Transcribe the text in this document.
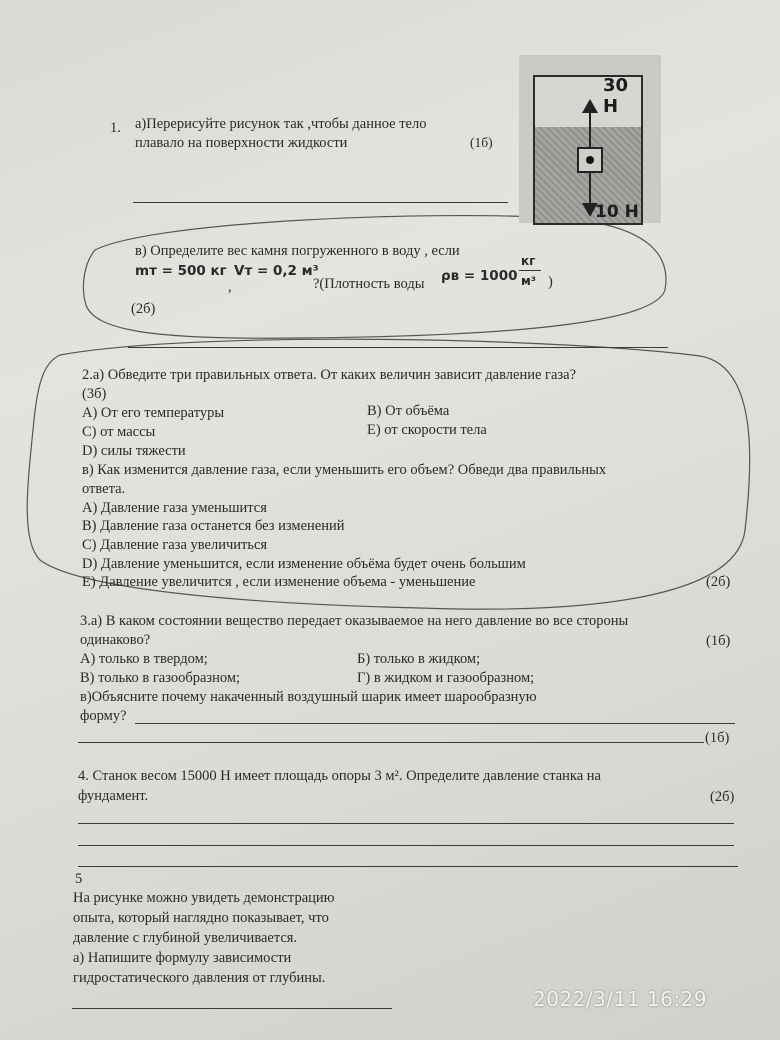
1. а)Перерисуйте рисунок так ,чтобы данное тело
плавало на поверхности жидкости	(1б)
30 Н
10 Н
в) Определите вес камня погруженного в воду , если
mт = 500 кг Vт = 0,2 м³
,	?(Плотность воды ρв = 1000
кг
м³ )
(2б)
2.а) Обведите три правильных ответа. От каких величин зависит давление газа?
(3б)
А) От его температуры	В) От объёма
С) от массы	Е) от скорости тела
D) силы тяжести
в) Как изменится давление газа, если уменьшить его объем? Обведи два правильных
ответа.
А) Давление газа уменьшится
В) Давление газа останется без изменений
С) Давление газа увеличиться
D) Давление уменьшится, если изменение объёма будет очень большим
Е) Давление увеличится , если изменение объема - уменьшение	(2б)
3.а) В каком состоянии вещество передает оказываемое на него давление во все стороны
одинаково?	(1б)
А) только в твердом;	Б) только в жидком;
В) только в газообразном;	Г) в жидком и газообразном;
в)Объясните почему накаченный воздушный шарик имеет шарообразную
форму?
(1б)
4. Станок весом 15000 Н имеет площадь опоры 3 м². Определите давление станка на
фундамент.	(2б)
5
На рисунке можно увидеть демонстрацию
опыта, который наглядно показывает, что
давление с глубиной увеличивается.
а) Напишите формулу зависимости
гидростатического давления от глубины.
2022/3/11 16:29
